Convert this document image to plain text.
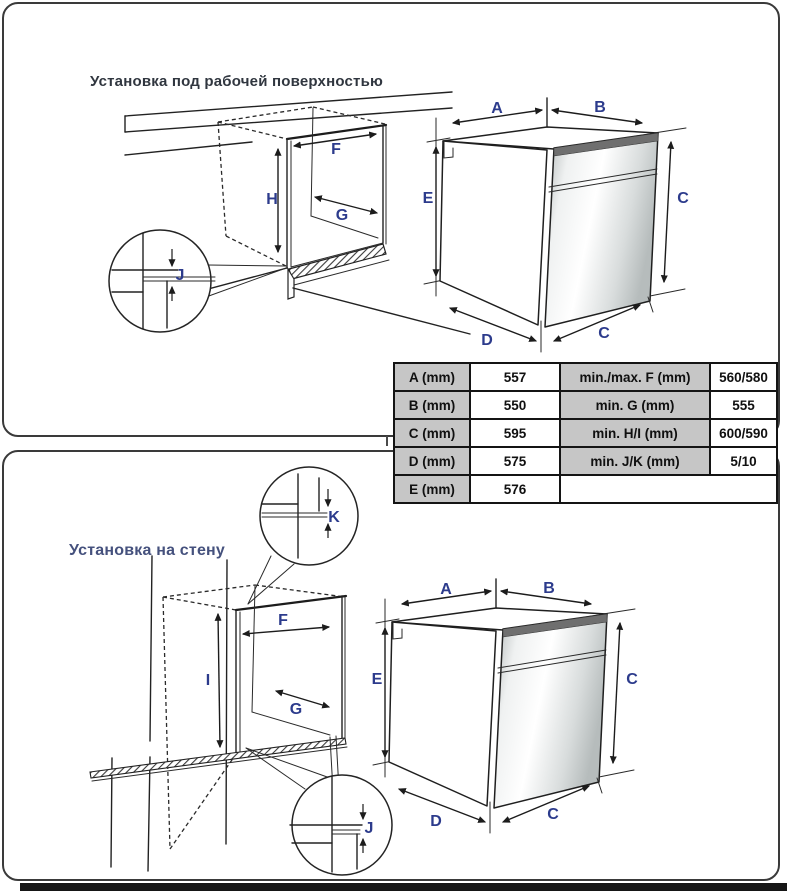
H
F
G
J
E
A	B
D	C
C
F
I
G
K
J
Установка под рабочей поверхностью
Установка на стену
A (mm)	557	min./max. F (mm)	560/580
B (mm)	550	min. G (mm)	555
C (mm)	595	min. H/I (mm)	600/590
D (mm)	575	min. J/K (mm)	5/10
E (mm)	576		
